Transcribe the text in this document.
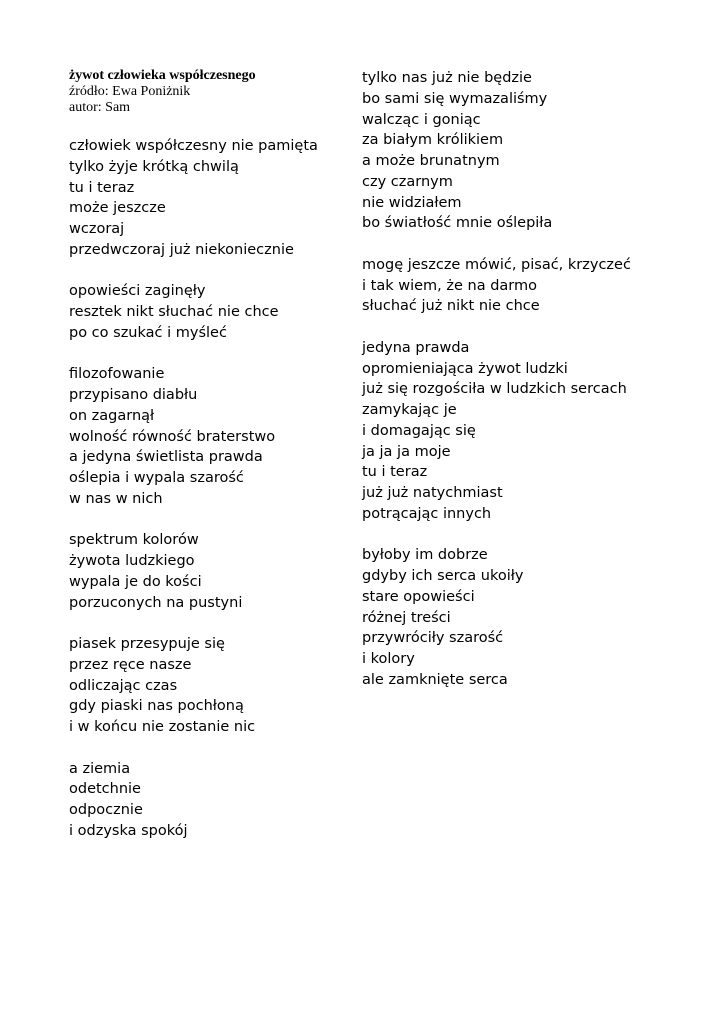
żywot człowieka współczesnego
źródło: Ewa Poniżnik
autor: Sam
człowiek współczesny nie pamięta
tylko żyje krótką chwilą
tu i teraz
może jeszcze
wczoraj
przedwczoraj już niekoniecznie
opowieści zaginęły
resztek nikt słuchać nie chce
po co szukać i myśleć
filozofowanie
przypisano diabłu
on zagarnął
wolność równość braterstwo
a jedyna świetlista prawda
oślepia i wypala szarość
w nas w nich
spektrum kolorów
żywota ludzkiego
wypala je do kości
porzuconych na pustyni
piasek przesypuje się
przez ręce nasze
odliczając czas
gdy piaski nas pochłoną
i w końcu nie zostanie nic
a ziemia
odetchnie
odpocznie
i odzyska spokój
tylko nas już nie będzie
bo sami się wymazaliśmy
walcząc i goniąc
za białym królikiem
a może brunatnym
czy czarnym
nie widziałem
bo światłość mnie oślepiła
mogę jeszcze mówić, pisać, krzyczeć
i tak wiem, że na darmo
słuchać już nikt nie chce
jedyna prawda
opromieniająca żywot ludzki
już się rozgościła w ludzkich sercach
zamykając je
i domagając się
ja ja ja moje
tu i teraz
już już natychmiast
potrącając innych
byłoby im dobrze
gdyby ich serca ukoiły
stare opowieści
różnej treści
przywróciły szarość
i kolory
ale zamknięte serca
